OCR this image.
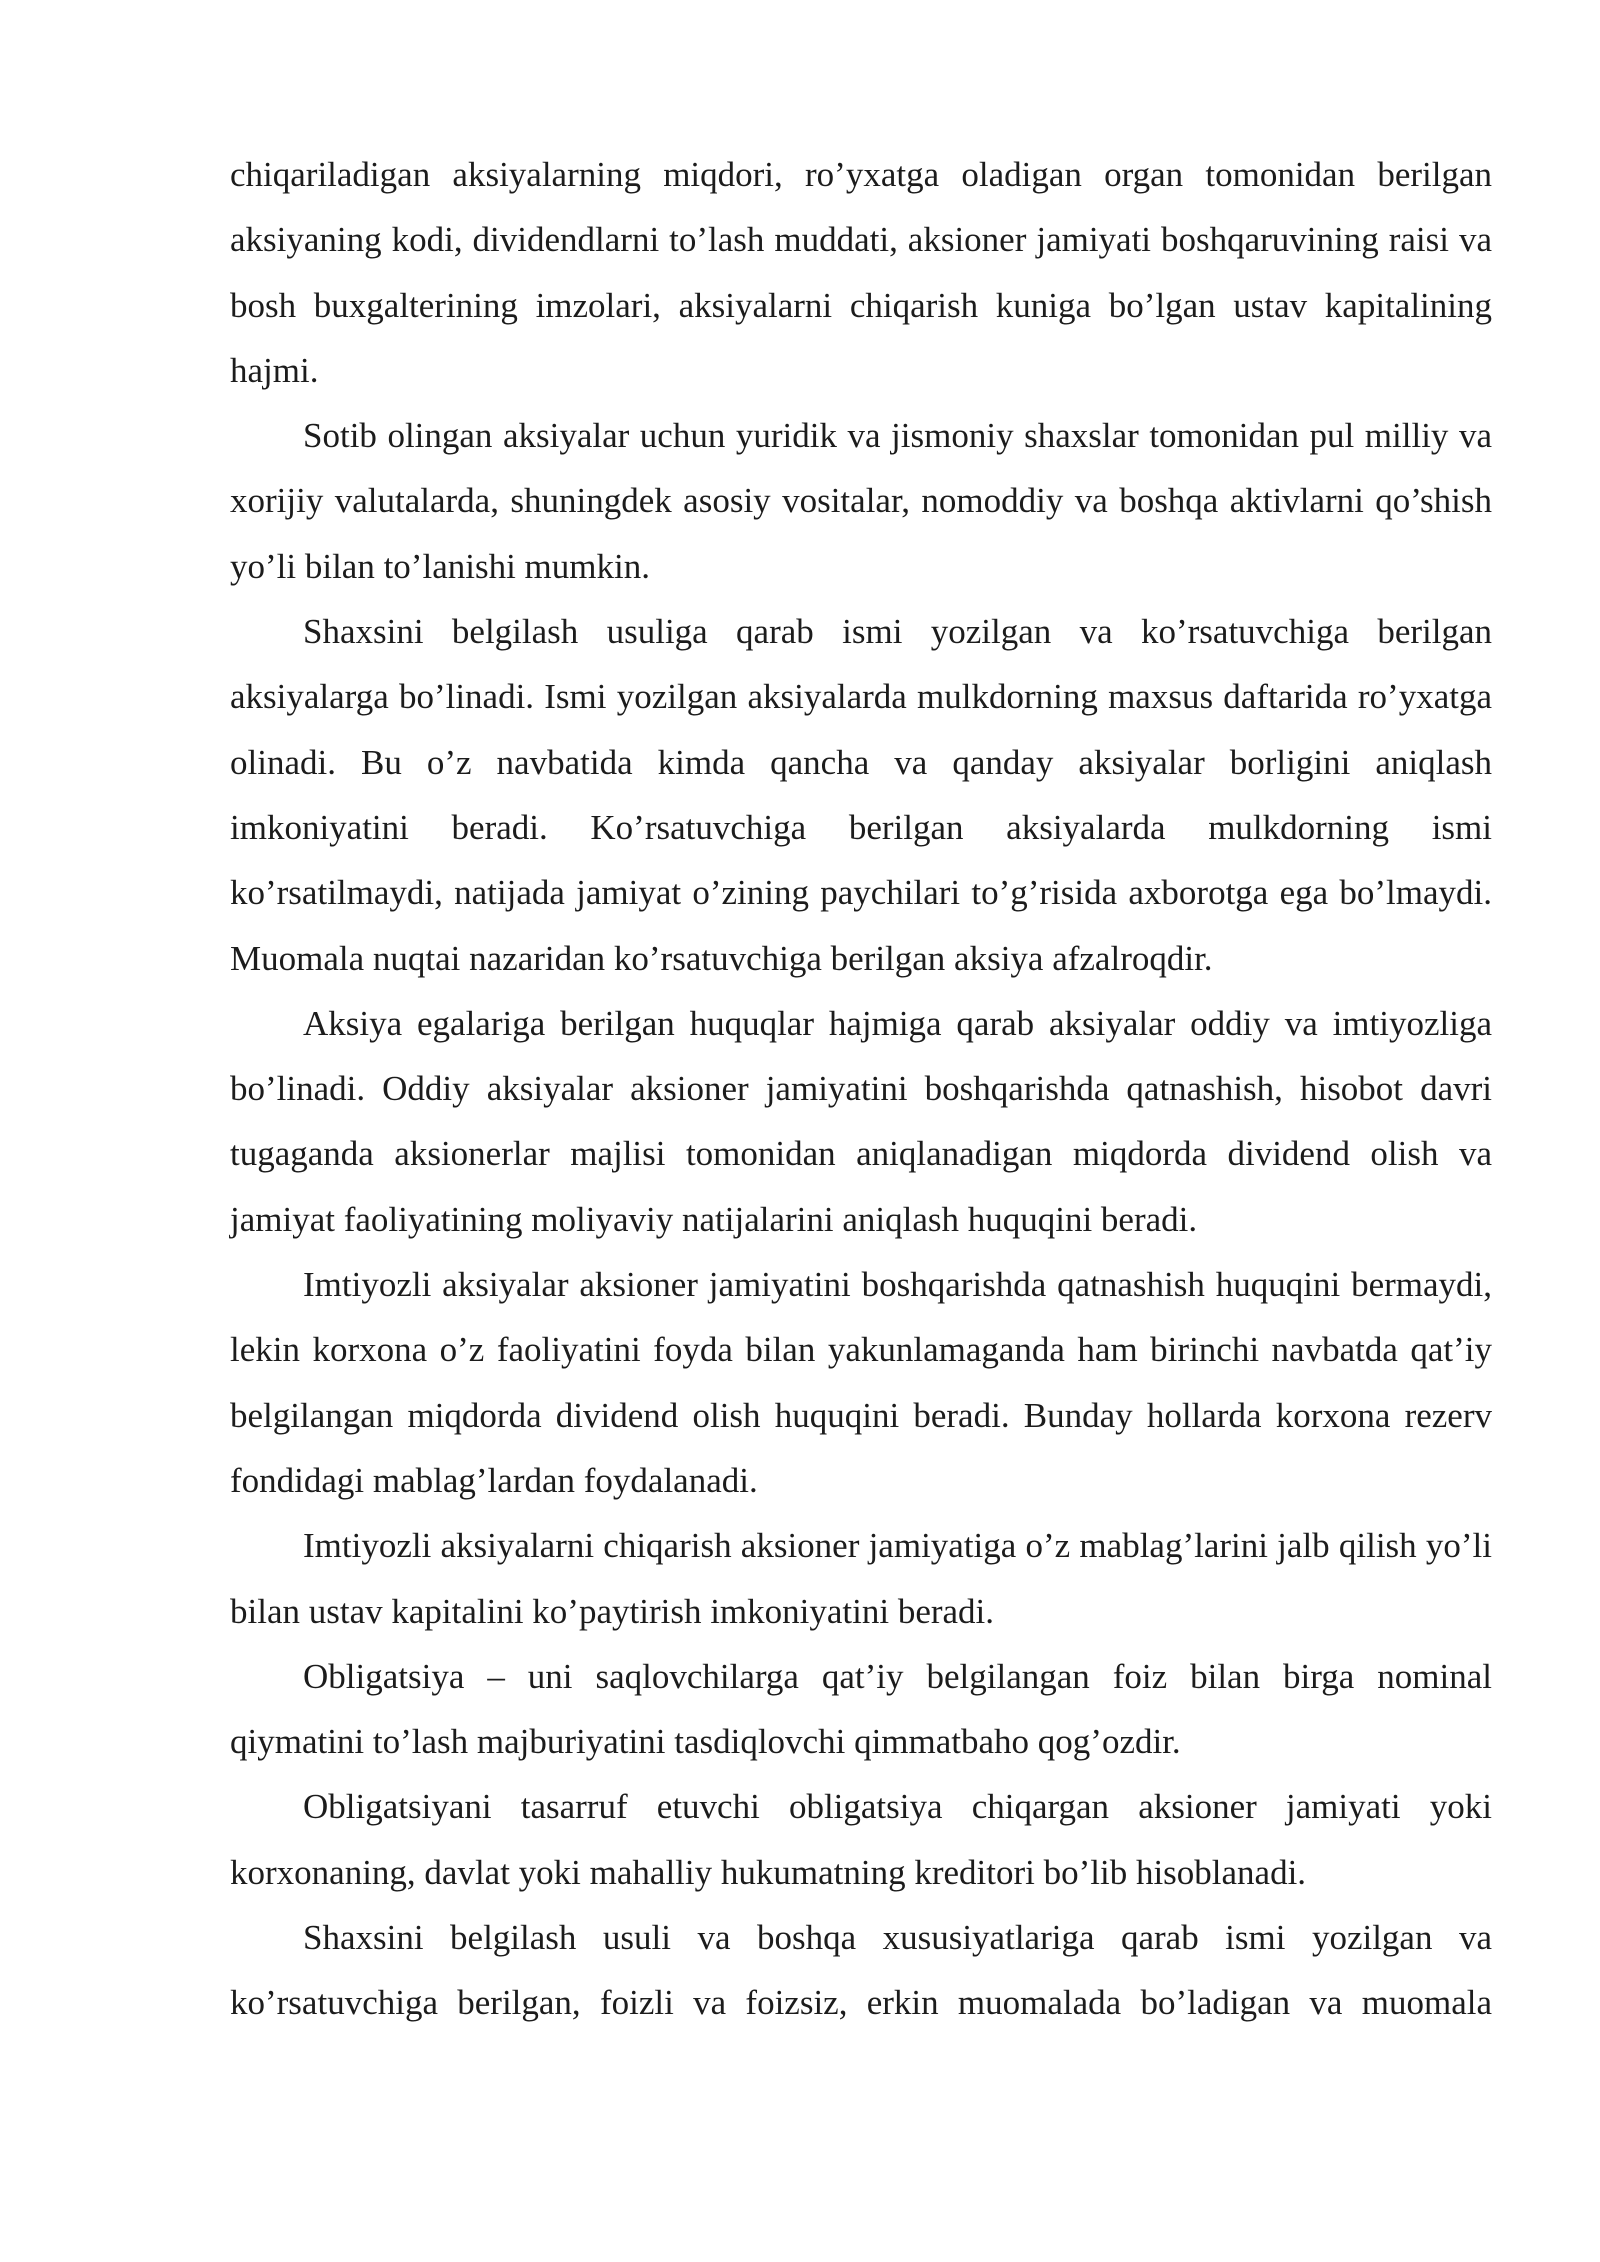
chiqariladigan aksiyalarning miqdori, ro’yxatga oladigan organ tomonidan berilgan aksiyaning kodi, dividendlarni to’lash muddati, aksioner jamiyati boshqaruvining raisi va bosh buxgalterining imzolari, aksiyalarni chiqarish kuniga bo’lgan ustav kapitalining hajmi.

Sotib olingan aksiyalar uchun yuridik va jismoniy shaxslar tomonidan pul milliy va xorijiy valutalarda, shuningdek asosiy vositalar, nomoddiy va boshqa aktivlarni qo’shish yo’li bilan to’lanishi mumkin.

Shaxsini belgilash usuliga qarab ismi yozilgan va ko’rsatuvchiga berilgan aksiyalarga bo’linadi. Ismi yozilgan aksiyalarda mulkdorning maxsus daftarida ro’yxatga olinadi. Bu o’z navbatida kimda qancha va qanday aksiyalar borligini aniqlash imkoniyatini beradi. Ko’rsatuvchiga berilgan aksiyalarda mulkdorning ismi ko’rsatilmaydi, natijada jamiyat o’zining paychilari to’g’risida axborotga ega bo’lmaydi. Muomala nuqtai nazaridan ko’rsatuvchiga berilgan aksiya afzalroqdir.

Aksiya egalariga berilgan huquqlar hajmiga qarab aksiyalar oddiy va imtiyozliga bo’linadi. Oddiy aksiyalar aksioner jamiyatini boshqarishda qatnashish, hisobot davri tugaganda aksionerlar majlisi tomonidan aniqlanadigan miqdorda dividend olish va jamiyat faoliyatining moliyaviy natijalarini aniqlash huquqini beradi.

Imtiyozli aksiyalar aksioner jamiyatini boshqarishda qatnashish huquqini bermaydi, lekin korxona o’z faoliyatini foyda bilan yakunlamaganda ham birinchi navbatda qat’iy belgilangan miqdorda dividend olish huquqini beradi. Bunday hollarda korxona rezerv fondidagi mablag’lardan foydalanadi.

Imtiyozli aksiyalarni chiqarish aksioner jamiyatiga o’z mablag’larini jalb qilish yo’li bilan ustav kapitalini ko’paytirish imkoniyatini beradi.

Obligatsiya – uni saqlovchilarga qat’iy belgilangan foiz bilan birga nominal qiymatini to’lash majburiyatini tasdiqlovchi qimmatbaho qog’ozdir.

Obligatsiyani tasarruf etuvchi obligatsiya chiqargan aksioner jamiyati yoki korxonaning, davlat yoki mahalliy hukumatning kreditori bo’lib hisoblanadi.

Shaxsini belgilash usuli va boshqa xususiyatlariga qarab ismi yozilgan va ko’rsatuvchiga berilgan, foizli va foizsiz, erkin muomalada bo’ladigan va muomala
